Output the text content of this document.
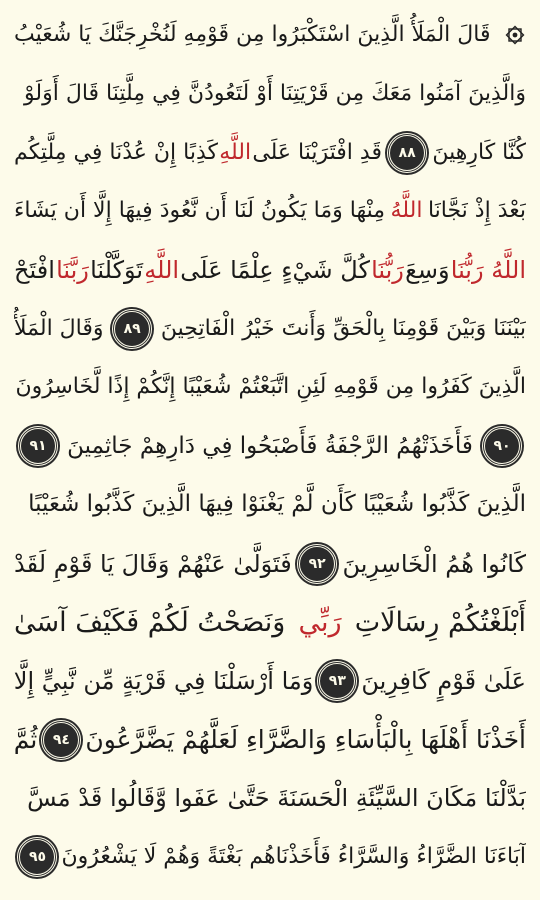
قَالَ الْمَلَأُ الَّذِينَ اسْتَكْبَرُوا مِن قَوْمِهِ لَنُخْرِجَنَّكَ يَا شُعَيْبُ
وَالَّذِينَ آمَنُوا مَعَكَ مِن قَرْيَتِنَا أَوْ لَتَعُودُنَّ فِي مِلَّتِنَا قَالَ أَوَلَوْ
كُنَّا كَارِهِينَ
٨٨
قَدِ افْتَرَيْنَا عَلَى
اللَّهِ
كَذِبًا إِنْ عُدْنَا فِي مِلَّتِكُم
بَعْدَ إِذْ نَجَّانَا
اللَّهُ
مِنْهَا وَمَا يَكُونُ لَنَا أَن نَّعُودَ فِيهَا إِلَّا أَن يَشَاءَ
اللَّهُ رَبُّنَا
وَسِعَ
رَبُّنَا
كُلَّ شَيْءٍ عِلْمًا عَلَى
اللَّهِ
تَوَكَّلْنَا
رَبَّنَا
افْتَحْ
بَيْنَنَا وَبَيْنَ قَوْمِنَا بِالْحَقِّ وَأَنتَ خَيْرُ الْفَاتِحِينَ
٨٩
وَقَالَ الْمَلَأُ
الَّذِينَ كَفَرُوا مِن قَوْمِهِ لَئِنِ اتَّبَعْتُمْ شُعَيْبًا إِنَّكُمْ إِذًا لَّخَاسِرُونَ
٩٠
فَأَخَذَتْهُمُ الرَّجْفَةُ فَأَصْبَحُوا فِي دَارِهِمْ جَاثِمِينَ
٩١
الَّذِينَ كَذَّبُوا شُعَيْبًا كَأَن لَّمْ يَغْنَوْا فِيهَا الَّذِينَ كَذَّبُوا شُعَيْبًا
كَانُوا هُمُ الْخَاسِرِينَ
٩٢
فَتَوَلَّىٰ عَنْهُمْ وَقَالَ يَا قَوْمِ لَقَدْ
أَبْلَغْتُكُمْ رِسَالَاتِ
رَبِّي
وَنَصَحْتُ لَكُمْ فَكَيْفَ آسَىٰ
عَلَىٰ قَوْمٍ كَافِرِينَ
٩٣
وَمَا أَرْسَلْنَا فِي قَرْيَةٍ مِّن نَّبِيٍّ إِلَّا
أَخَذْنَا أَهْلَهَا بِالْبَأْسَاءِ وَالضَّرَّاءِ لَعَلَّهُمْ يَضَّرَّعُونَ
٩٤
ثُمَّ
بَدَّلْنَا مَكَانَ السَّيِّئَةِ الْحَسَنَةَ حَتَّىٰ عَفَوا وَّقَالُوا قَدْ مَسَّ
آبَاءَنَا الضَّرَّاءُ وَالسَّرَّاءُ فَأَخَذْنَاهُم بَغْتَةً وَهُمْ لَا يَشْعُرُونَ
٩٥
